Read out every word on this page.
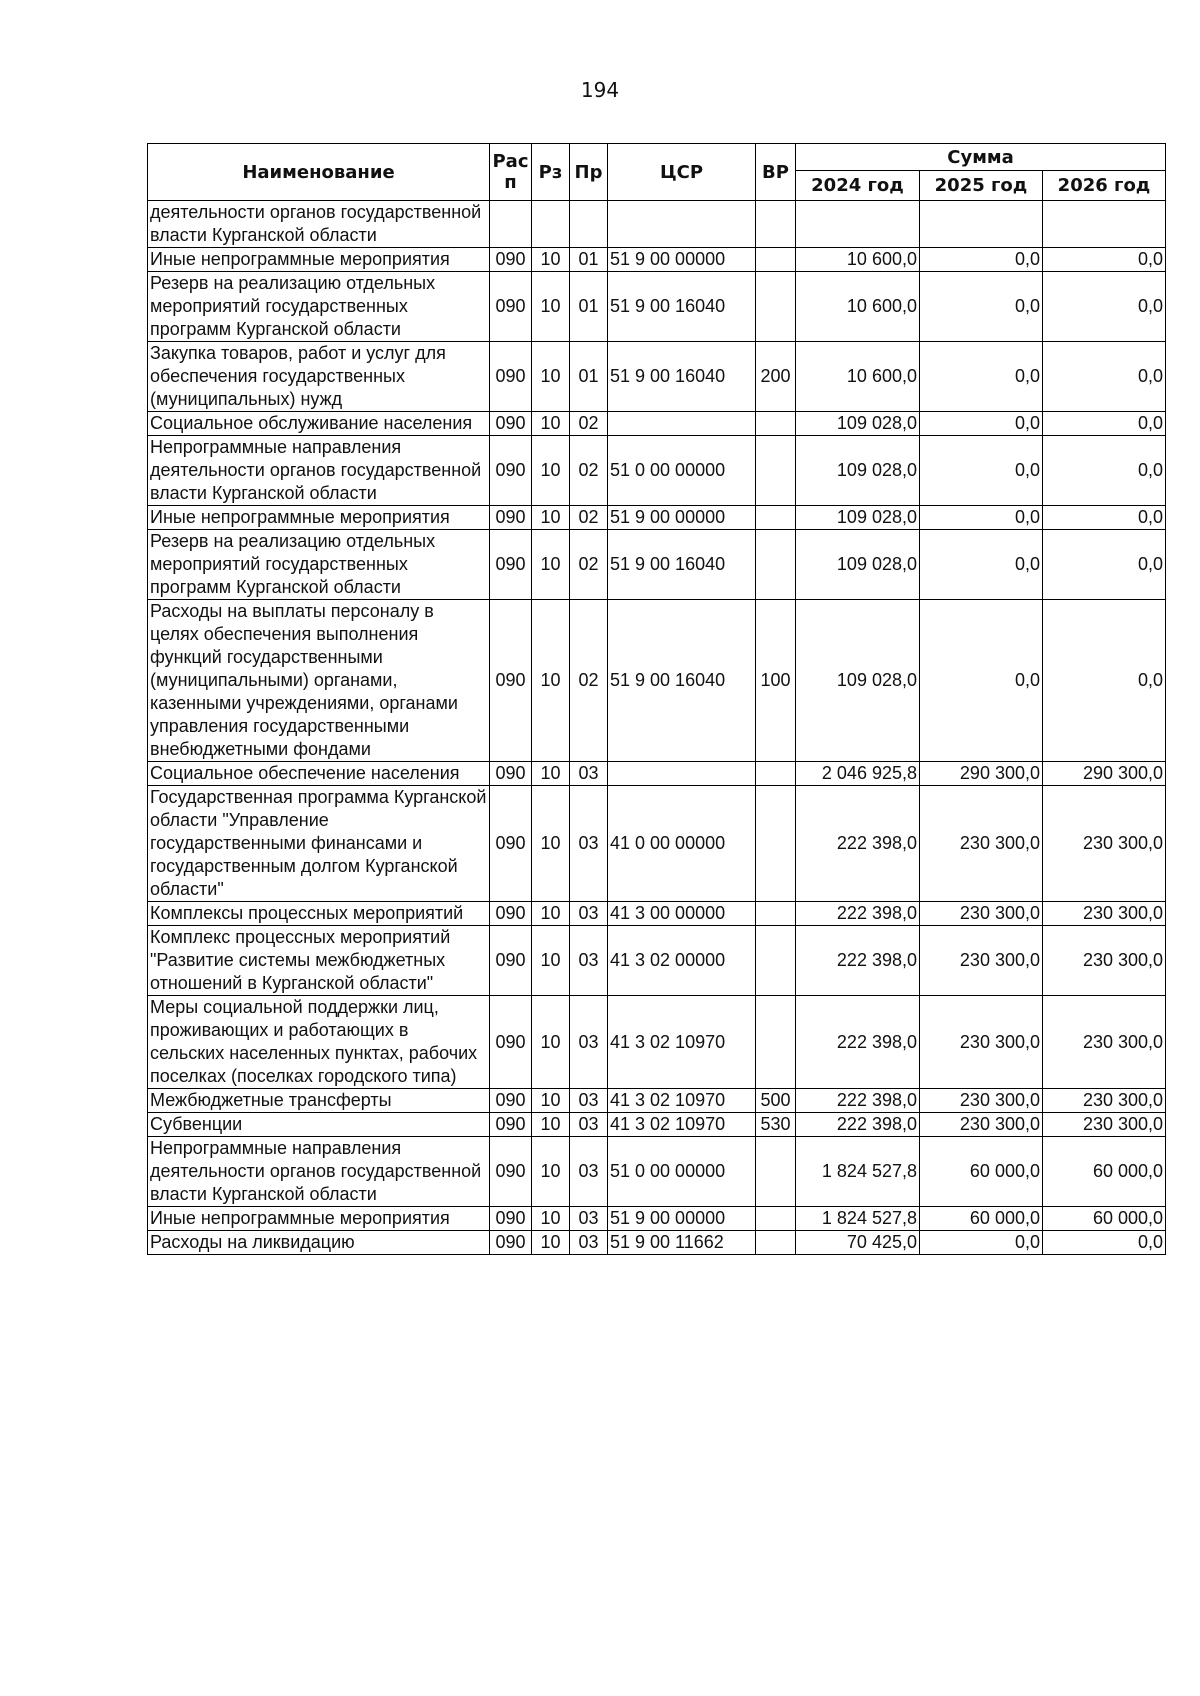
194
Наименование	Рас п	Рз	Пр	ЦСР	ВР	Сумма		
						2024 год	2025 год	2026 год
деятельности органов государственной власти Курганской области								
Иные непрограммные мероприятия	090	10	01	51 9 00 00000		10 600,0	0,0	0,0
Резерв на реализацию отдельных мероприятий государственных программ Курганской области	090	10	01	51 9 00 16040		10 600,0	0,0	0,0
Закупка товаров, работ и услуг для обеспечения государственных (муниципальных) нужд	090	10	01	51 9 00 16040	200	10 600,0	0,0	0,0
Социальное обслуживание населения	090	10	02			109 028,0	0,0	0,0
Непрограммные направления деятельности органов государственной власти Курганской области	090	10	02	51 0 00 00000		109 028,0	0,0	0,0
Иные непрограммные мероприятия	090	10	02	51 9 00 00000		109 028,0	0,0	0,0
Резерв на реализацию отдельных мероприятий государственных программ Курганской области	090	10	02	51 9 00 16040		109 028,0	0,0	0,0
Расходы на выплаты персоналу в целях обеспечения выполнения функций государственными (муниципальными) органами, казенными учреждениями, органами управления государственными внебюджетными фондами	090	10	02	51 9 00 16040	100	109 028,0	0,0	0,0
Социальное обеспечение населения	090	10	03			2 046 925,8	290 300,0	290 300,0
Государственная программа Курганской области "Управление государственными финансами и государственным долгом Курганской области"	090	10	03	41 0 00 00000		222 398,0	230 300,0	230 300,0
Комплексы процессных мероприятий	090	10	03	41 3 00 00000		222 398,0	230 300,0	230 300,0
Комплекс процессных мероприятий "Развитие системы межбюджетных отношений в Курганской области"	090	10	03	41 3 02 00000		222 398,0	230 300,0	230 300,0
Меры социальной поддержки лиц, проживающих и работающих в сельских населенных пунктах, рабочих поселках (поселках городского типа)	090	10	03	41 3 02 10970		222 398,0	230 300,0	230 300,0
Межбюджетные трансферты	090	10	03	41 3 02 10970	500	222 398,0	230 300,0	230 300,0
Субвенции	090	10	03	41 3 02 10970	530	222 398,0	230 300,0	230 300,0
Непрограммные направления деятельности органов государственной власти Курганской области	090	10	03	51 0 00 00000		1 824 527,8	60 000,0	60 000,0
Иные непрограммные мероприятия	090	10	03	51 9 00 00000		1 824 527,8	60 000,0	60 000,0
Расходы на ликвидацию	090	10	03	51 9 00 11662		70 425,0	0,0	0,0
